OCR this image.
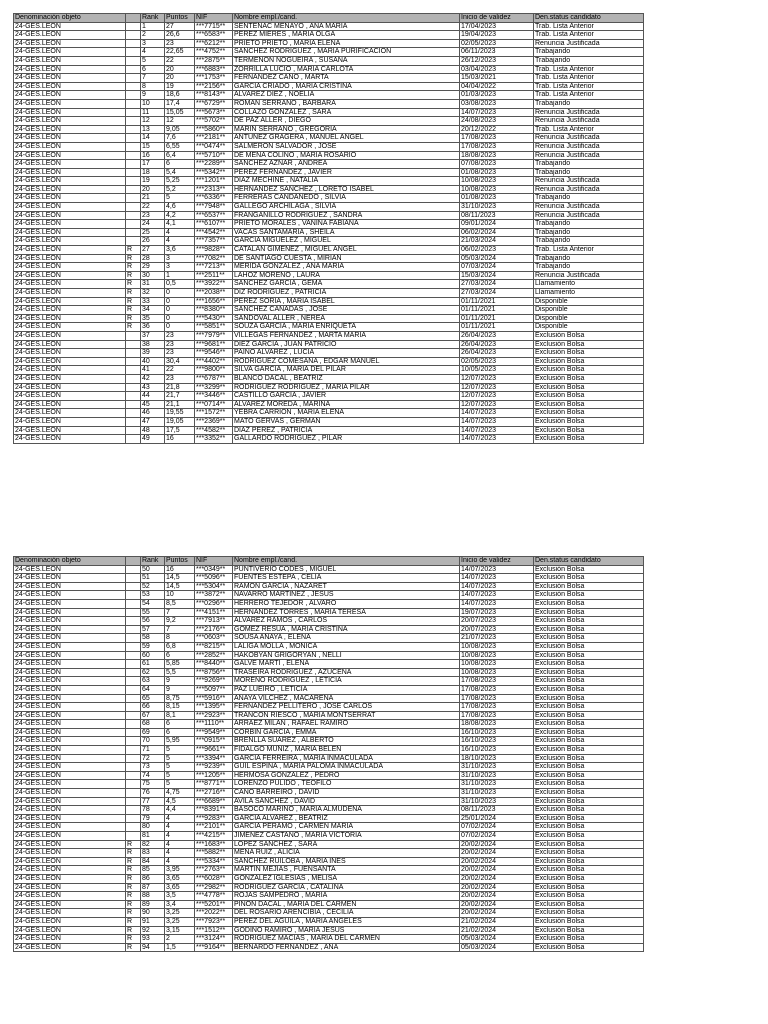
Denominación objeto		Rank	Puntos	NIF	Nombre empl./cand.	Inicio de validez	Den.status candidato
24-GES.LEON		1	27	***7715**	SENTENAC MENAYO , ANA MARIA	17/04/2023	Trab. Lista Anterior
24-GES.LEON		2	26,6	***6583**	PEREZ MIERES , MARIA OLGA	19/04/2023	Trab. Lista Anterior
24-GES.LEON		3	23	***6212**	PRIETO PRIETO , MARIA ELENA	02/05/2023	Renuncia Justificada
24-GES.LEON		4	22,65	***4752**	SANCHEZ RODRIGUEZ , MARIA PURIFICACION	06/11/2023	Trabajando
24-GES.LEON		5	22	***2875**	TERMENON NOGUEIRA , SUSANA	26/12/2023	Trabajando
24-GES.LEON		6	20	***6883**	ZORRILLA LUCIO , MARIA CARLOTA	03/04/2023	Trab. Lista Anterior
24-GES.LEON		7	20	***1753**	FERNANDEZ CANO , MARTA	15/03/2021	Trab. Lista Anterior
24-GES.LEON		8	19	***2156**	GARCIA CRIADO , MARIA CRISTINA	04/04/2022	Trab. Lista Anterior
24-GES.LEON		9	18,6	***8143**	ALVAREZ DIEZ , NOELIA	01/03/2023	Trab. Lista Anterior
24-GES.LEON		10	17,4	***6729**	ROMAN SERRANO , BARBARA	03/08/2023	Trabajando
24-GES.LEON		11	15,05	***5673**	COLLAZO GONZALEZ , SARA	14/07/2023	Renuncia Justificada
24-GES.LEON		12	12	***5702**	DE PAZ ALLER , DIEGO	24/08/2023	Renuncia Justificada
24-GES.LEON		13	9,05	***5860**	MARIN SERRANO , GREGORIA	20/12/2022	Trab. Lista Anterior
24-GES.LEON		14	7,6	***2181**	ANTUNEZ GRAGERA , MANUEL ANGEL	17/08/2023	Renuncia Justificada
24-GES.LEON		15	6,55	***0474**	SALMERON SALVADOR , JOSE	17/08/2023	Renuncia Justificada
24-GES.LEON		16	6,4	***5710**	DE MENA COLINO , MARIA ROSARIO	18/08/2023	Renuncia Justificada
24-GES.LEON		17	6	***2289**	SANCHEZ AZNAR , ANDREA	07/08/2023	Trabajando
24-GES.LEON		18	5,4	***5342**	PEREZ FERNANDEZ , JAVIER	01/08/2023	Trabajando
24-GES.LEON		19	5,25	***1201**	DIAZ MECHINE , NATALIA	10/08/2023	Renuncia Justificada
24-GES.LEON		20	5,2	***2313**	HERNANDEZ SANCHEZ , LORETO ISABEL	10/08/2023	Renuncia Justificada
24-GES.LEON		21	5	***6336**	FERRERAS CANDANEDO , SILVIA	01/08/2023	Trabajando
24-GES.LEON		22	4,6	***7948**	GALLEGO ARCHILAGA , SILVIA	31/10/2023	Renuncia Justificada
24-GES.LEON		23	4,2	***6537**	FRANGANILLO RODRIGUEZ , SANDRA	08/11/2023	Renuncia Justificada
24-GES.LEON		24	4,1	***6107**	PRIETO MORALES , VANINA FABIANA	09/01/2024	Trabajando
24-GES.LEON		25	4	***4542**	VACAS SANTAMARIA , SHEILA	06/02/2024	Trabajando
24-GES.LEON		26	4	***7357**	GARCIA MIGUELEZ , MIGUEL	21/03/2024	Trabajando
24-GES.LEON	R	27	3,6	***9828**	CATALAN GIMENEZ , MIGUEL ANGEL	06/02/2023	Trab. Lista Anterior
24-GES.LEON	R	28	3	***7082**	DE SANTIAGO CUESTA , MIRIAN	05/03/2024	Trabajando
24-GES.LEON	R	29	3	***7213**	MERIDA GONZALEZ , ANA MARIA	07/03/2024	Trabajando
24-GES.LEON	R	30	1	***2511**	LAHOZ MORENO , LAURA	15/03/2024	Renuncia Justificada
24-GES.LEON	R	31	0,5	***3922**	SANCHEZ GARCIA , GEMA	27/03/2024	Llamamiento
24-GES.LEON	R	32	0	***2038**	DIZ RODRIGUEZ , PATRICIA	27/03/2024	Llamamiento
24-GES.LEON	R	33	0	***1656**	PEREZ SORIA , MARIA ISABEL	01/11/2021	Disponible
24-GES.LEON	R	34	0	***8380**	SANCHEZ CAÑADAS , JOSE	01/11/2021	Disponible
24-GES.LEON	R	35	0	***5430**	SANDOVAL ALLER , NEREA	01/11/2021	Disponible
24-GES.LEON	R	36	0	***5851**	SOUZA GARCIA , MARIA ENRIQUETA	01/11/2021	Disponible
24-GES.LEON		37	23	***7979**	VILLEGAS FERNANDEZ , MARTA MARIA	26/04/2023	Exclusión Bolsa
24-GES.LEON		38	23	***9681**	DIEZ GARCIA , JUAN PATRICIO	26/04/2023	Exclusión Bolsa
24-GES.LEON		39	23	***9546**	PAINO ALVAREZ , LUCIA	26/04/2023	Exclusión Bolsa
24-GES.LEON		40	30,4	***4402**	RODRIGUEZ COMESAÑA , EDGAR MANUEL	02/05/2023	Exclusión Bolsa
24-GES.LEON		41	22	***9800**	SILVA GARCIA , MARIA DEL PILAR	10/05/2023	Exclusión Bolsa
24-GES.LEON		42	23	***6787**	BLANCO DACAL , BEATRIZ	12/07/2023	Exclusión Bolsa
24-GES.LEON		43	21,8	***3299**	RODRIGUEZ RODRIGUEZ , MARIA PILAR	12/07/2023	Exclusión Bolsa
24-GES.LEON		44	21,7	***3446**	CASTILLO GARCIA , JAVIER	12/07/2023	Exclusión Bolsa
24-GES.LEON		45	21,1	***0714**	ALVAREZ MOREDA , MARINA	12/07/2023	Exclusión Bolsa
24-GES.LEON		46	19,55	***1572**	YEBRA CARRION , MARIA ELENA	14/07/2023	Exclusión Bolsa
24-GES.LEON		47	19,05	***2369**	MATO GERVAS , GERMAN	14/07/2023	Exclusión Bolsa
24-GES.LEON		48	17,5	***4582**	DIAZ PEREZ , PATRICIA	14/07/2023	Exclusión Bolsa
24-GES.LEON		49	16	***3352**	GALLARDO RODRIGUEZ , PILAR	14/07/2023	Exclusión Bolsa
Denominación objeto		Rank	Puntos	NIF	Nombre empl./cand.	Inicio de validez	Den.status candidato
24-GES.LEON		50	16	***0349**	PUNTIVERIO CODES , MIGUEL	14/07/2023	Exclusión Bolsa
24-GES.LEON		51	14,5	***5096**	FUENTES ESTEPA , CELIA	14/07/2023	Exclusión Bolsa
24-GES.LEON		52	14,5	***5304**	RAMON GARCIA , NAZARET	14/07/2023	Exclusión Bolsa
24-GES.LEON		53	10	***3872**	NAVARRO MARTINEZ , JESUS	14/07/2023	Exclusión Bolsa
24-GES.LEON		54	8,5	***0296**	HERRERO TEJEDOR , ALVARO	14/07/2023	Exclusión Bolsa
24-GES.LEON		55	7	***4151**	HERNANDEZ TORRES , MARIA TERESA	19/07/2023	Exclusión Bolsa
24-GES.LEON		56	9,2	***7913**	ALVAREZ RAMOS , CARLOS	20/07/2023	Exclusión Bolsa
24-GES.LEON		57	7	***2176**	GOMEZ RESUA , MARIA CRISTINA	20/07/2023	Exclusión Bolsa
24-GES.LEON		58	8	***0603**	SOUSA ANAYA , ELENA	21/07/2023	Exclusión Bolsa
24-GES.LEON		59	6,8	***8215**	LALIGA MOLLA , MONICA	10/08/2023	Exclusión Bolsa
24-GES.LEON		60	6	***2852**	HAKOBYAN GRIGORYAN , NELLI	10/08/2023	Exclusión Bolsa
24-GES.LEON		61	5,85	***8440**	GALVE MARTI , ELENA	10/08/2023	Exclusión Bolsa
24-GES.LEON		62	5,5	***8756**	TRASEIRA RODRIGUEZ , AZUCENA	10/08/2023	Exclusión Bolsa
24-GES.LEON		63	9	***9269**	MORENO RODRIGUEZ , LETICIA	17/08/2023	Exclusión Bolsa
24-GES.LEON		64	9	***5097**	PAZ LUEIRO , LETICIA	17/08/2023	Exclusión Bolsa
24-GES.LEON		65	8,75	***5916**	ANAYA VILCHEZ , MACARENA	17/08/2023	Exclusión Bolsa
24-GES.LEON		66	8,15	***1395**	FERNANDEZ PELLITERO , JOSE CARLOS	17/08/2023	Exclusión Bolsa
24-GES.LEON		67	8,1	***2923**	TRANCON RIESCO , MARIA MONTSERRAT	17/08/2023	Exclusión Bolsa
24-GES.LEON		68	6	***1110**	ARRAEZ MILAN , RAFAEL RAMIRO	18/08/2023	Exclusión Bolsa
24-GES.LEON		69	6	***9549**	CORBIN GARCIA , EMMA	16/10/2023	Exclusión Bolsa
24-GES.LEON		70	5,95	***0915**	BRENLLA SUAREZ , ALBERTO	16/10/2023	Exclusión Bolsa
24-GES.LEON		71	5	***9661**	FIDALGO MUÑIZ , MARIA BELEN	16/10/2023	Exclusión Bolsa
24-GES.LEON		72	5	***3394**	GARCIA FERREIRA , MARIA INMACULADA	18/10/2023	Exclusión Bolsa
24-GES.LEON		73	5	***9239**	GUIL ESPINA , MARIA PALOMA INMACULADA	31/10/2023	Exclusión Bolsa
24-GES.LEON		74	5	***1205**	HERMOSA GONZALEZ , PEDRO	31/10/2023	Exclusión Bolsa
24-GES.LEON		75	5	***8771**	LORENZO PULIDO , TEOFILO	31/10/2023	Exclusión Bolsa
24-GES.LEON		76	4,75	***2716**	CANO BARREIRO , DAVID	31/10/2023	Exclusión Bolsa
24-GES.LEON		77	4,5	***6689**	AVILA SANCHEZ , DAVID	31/10/2023	Exclusión Bolsa
24-GES.LEON		78	4,4	***8391**	BASOCO MARINO , MARIA ALMUDENA	08/11/2023	Exclusión Bolsa
24-GES.LEON		79	4	***9283**	GARCIA ALVAREZ , BEATRIZ	25/01/2024	Exclusión Bolsa
24-GES.LEON		80	4	***2101**	GARCIA PERAMO , CARMEN MARIA	07/02/2024	Exclusión Bolsa
24-GES.LEON		81	4	***4215**	JIMENEZ CASTAÑO , MARIA VICTORIA	07/02/2024	Exclusión Bolsa
24-GES.LEON	R	82	4	***1683**	LOPEZ SANCHEZ , SARA	20/02/2024	Exclusión Bolsa
24-GES.LEON	R	83	4	***5882**	MENA RUIZ , ALICIA	20/02/2024	Exclusión Bolsa
24-GES.LEON	R	84	4	***5334**	SANCHEZ RUILOBA , MARIA INES	20/02/2024	Exclusión Bolsa
24-GES.LEON	R	85	3,95	***2763**	MARTIN MEJIAS , FUENSANTA	20/02/2024	Exclusión Bolsa
24-GES.LEON	R	86	3,65	***6028**	GONZALEZ IGLESIAS , MELISA	20/02/2024	Exclusión Bolsa
24-GES.LEON	R	87	3,65	***2982**	RODRIGUEZ GARCIA , CATALINA	20/02/2024	Exclusión Bolsa
24-GES.LEON	R	88	3,5	***4778**	ROJAS SAMPEDRO , MARIA	20/02/2024	Exclusión Bolsa
24-GES.LEON	R	89	3,4	***5201**	PIÑON DACAL , MARIA DEL CARMEN	20/02/2024	Exclusión Bolsa
24-GES.LEON	R	90	3,25	***2022**	DEL ROSARIO ARENCIBIA , CECILIA	20/02/2024	Exclusión Bolsa
24-GES.LEON	R	91	3,25	***7923**	PEREZ DEL AGUILA , MARIA ANGELES	21/02/2024	Exclusión Bolsa
24-GES.LEON	R	92	3,15	***1512**	GODINO RAMIRO , MARIA JESUS	21/02/2024	Exclusión Bolsa
24-GES.LEON	R	93	2	***3124**	RODRIGUEZ MACIAS , MARIA DEL CARMEN	05/03/2024	Exclusión Bolsa
24-GES.LEON	R	94	1,5	***9164**	BERNARDO FERNANDEZ , ANA	05/03/2024	Exclusión Bolsa
